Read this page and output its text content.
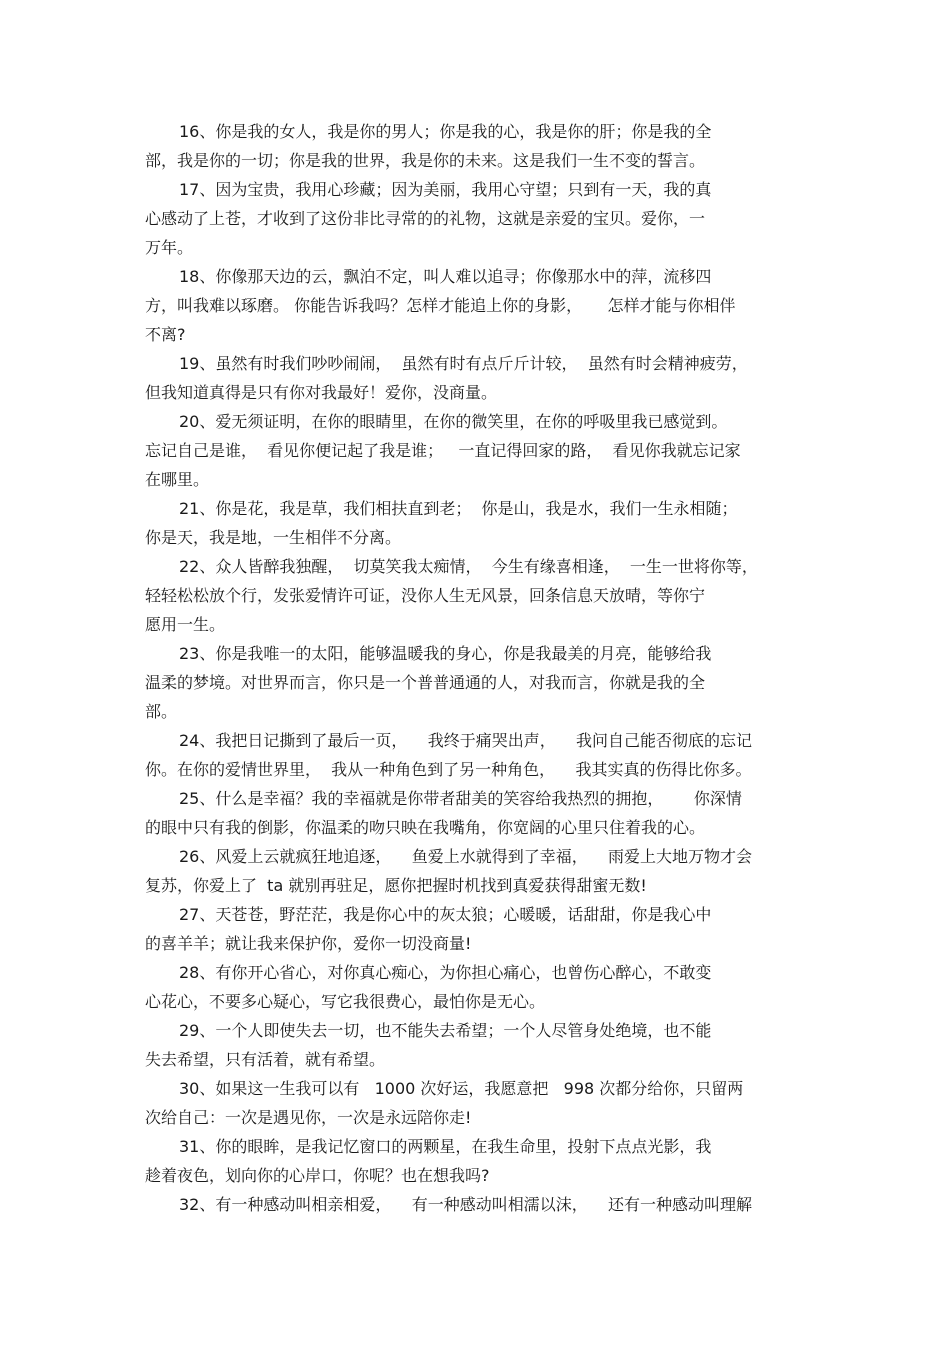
16、你是我的女人，我是你的男人；你是我的心，我是你的肝；你是我的全
部，我是你的一切；你是我的世界，我是你的未来。这是我们一生不变的誓言。
17、因为宝贵，我用心珍藏；因为美丽，我用心守望；只到有一天，我的真
心感动了上苍，才收到了这份非比寻常的的礼物，这就是亲爱的宝贝。爱你，一
万年。
18、你像那天边的云，飘泊不定，叫人难以追寻；你像那水中的萍，流移四
方，叫我难以琢磨。 你能告诉我吗？怎样才能追上你的身影，     怎样才能与你相伴
不离?
19、虽然有时我们吵吵闹闹，  虽然有时有点斤斤计较，  虽然有时会精神疲劳，
但我知道真得是只有你对我最好！爱你，没商量。
20、爱无须证明，在你的眼睛里，在你的微笑里，在你的呼吸里我已感觉到。
忘记自己是谁，  看见你便记起了我是谁；   一直记得回家的路，  看见你我就忘记家
在哪里。
21、你是花，我是草，我们相扶直到老；  你是山，我是水，我们一生永相随；
你是天，我是地，一生相伴不分离。
22、众人皆醉我独醒，  切莫笑我太痴情，  今生有缘喜相逢，  一生一世将你等，
轻轻松松放个行，发张爱情许可证，没你人生无风景，回条信息天放晴，等你宁
愿用一生。
23、你是我唯一的太阳，能够温暖我的身心，你是我最美的月亮，能够给我
温柔的梦境。对世界而言，你只是一个普普通通的人，对我而言，你就是我的全
部。
24、我把日记撕到了最后一页，    我终于痛哭出声，    我问自己能否彻底的忘记
你。在你的爱情世界里，  我从一种角色到了另一种角色，    我其实真的伤得比你多。
25、什么是幸福？我的幸福就是你带者甜美的笑容给我热烈的拥抱，      你深情
的眼中只有我的倒影，你温柔的吻只映在我嘴角，你宽阔的心里只住着我的心。
26、风爱上云就疯狂地追逐，    鱼爱上水就得到了幸福，    雨爱上大地万物才会
复苏，你爱上了  ta 就别再驻足，愿你把握时机找到真爱获得甜蜜无数!
27、天苍苍，野茫茫，我是你心中的灰太狼；心暖暖，话甜甜，你是我心中
的喜羊羊；就让我来保护你，爱你一切没商量!
28、有你开心省心，对你真心痴心，为你担心痛心，也曾伤心醉心，不敢变
心花心，不要多心疑心，写它我很费心，最怕你是无心。
29、一个人即使失去一切，也不能失去希望；一个人尽管身处绝境，也不能
失去希望，只有活着，就有希望。
30、如果这一生我可以有   1000 次好运，我愿意把   998 次都分给你，只留两
次给自己：一次是遇见你，一次是永远陪你走!
31、你的眼眸，是我记忆窗口的两颗星，在我生命里，投射下点点光影，我
趁着夜色，划向你的心岸口，你呢？也在想我吗?
32、有一种感动叫相亲相爱，    有一种感动叫相濡以沫，    还有一种感动叫理解
